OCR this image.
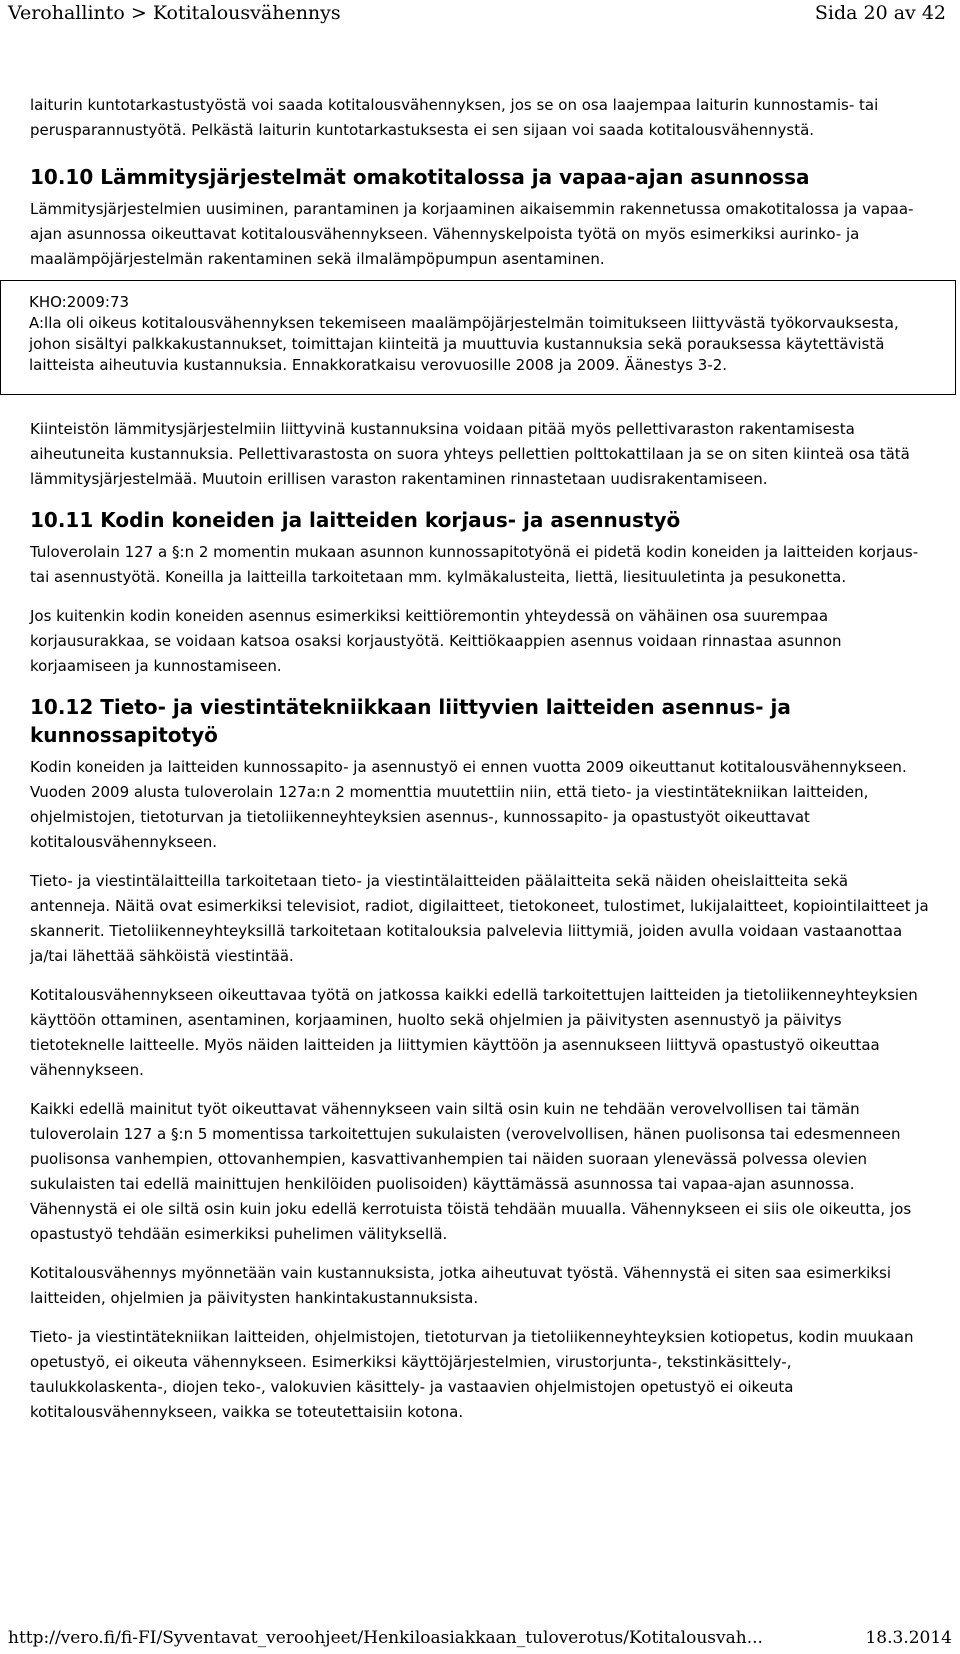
Verohallinto > Kotitalousvähennys	Sida 20 av 42

laiturin kuntotarkastustyöstä voi saada kotitalousvähennyksen, jos se on osa laajempaa laiturin kunnostamis- tai perusparannustyötä. Pelkästä laiturin kuntotarkastuksesta ei sen sijaan voi saada kotitalousvähennystä.

10.10 Lämmitysjärjestelmät omakotitalossa ja vapaa-ajan asunnossa

Lämmitysjärjestelmien uusiminen, parantaminen ja korjaaminen aikaisemmin rakennetussa omakotitalossa ja vapaa-ajan asunnossa oikeuttavat kotitalousvähennykseen. Vähennyskelpoista työtä on myös esimerkiksi aurinko- ja maalämpöjärjestelmän rakentaminen sekä ilmalämpöpumpun asentaminen.

KHO:2009:73
A:lla oli oikeus kotitalousvähennyksen tekemiseen maalämpöjärjestelmän toimitukseen liittyvästä työkorvauksesta, johon sisältyi palkkakustannukset, toimittajan kiinteitä ja muuttuvia kustannuksia sekä porauksessa käytettävistä laitteista aiheutuvia kustannuksia. Ennakkoratkaisu verovuosille 2008 ja 2009. Äänestys 3-2.

Kiinteistön lämmitysjärjestelmiin liittyvinä kustannuksina voidaan pitää myös pellettivaraston rakentamisesta aiheutuneita kustannuksia. Pellettivarastosta on suora yhteys pellettien polttokattilaan ja se on siten kiinteä osa tätä lämmitysjärjestelmää. Muutoin erillisen varaston rakentaminen rinnastetaan uudisrakentamiseen.

10.11 Kodin koneiden ja laitteiden korjaus- ja asennustyö

Tuloverolain 127 a §:n 2 momentin mukaan asunnon kunnossapitotyönä ei pidetä kodin koneiden ja laitteiden korjaus- tai asennustyötä. Koneilla ja laitteilla tarkoitetaan mm. kylmäkalusteita, liettä, liesituuletinta ja pesukonetta.

Jos kuitenkin kodin koneiden asennus esimerkiksi keittiöremontin yhteydessä on vähäinen osa suurempaa korjausurakkaa, se voidaan katsoa osaksi korjaustyötä. Keittiökaappien asennus voidaan rinnastaa asunnon korjaamiseen ja kunnostamiseen.

10.12 Tieto- ja viestintätekniikkaan liittyvien laitteiden asennus- ja kunnossapitotyö

Kodin koneiden ja laitteiden kunnossapito- ja asennustyö ei ennen vuotta 2009 oikeuttanut kotitalousvähennykseen. Vuoden 2009 alusta tuloverolain 127a:n 2 momenttia muutettiin niin, että tieto- ja viestintätekniikan laitteiden, ohjelmistojen, tietoturvan ja tietoliikenneyhteyksien asennus-, kunnossapito- ja opastustyöt oikeuttavat kotitalousvähennykseen.

Tieto- ja viestintälaitteilla tarkoitetaan tieto- ja viestintälaitteiden päälaitteita sekä näiden oheislaitteita sekä antenneja. Näitä ovat esimerkiksi televisiot, radiot, digilaitteet, tietokoneet, tulostimet, lukijalaitteet, kopiointilaitteet ja skannerit. Tietoliikenneyhteyksillä tarkoitetaan kotitalouksia palvelevia liittymiä, joiden avulla voidaan vastaanottaa ja/tai lähettää sähköistä viestintää.

Kotitalousvähennykseen oikeuttavaa työtä on jatkossa kaikki edellä tarkoitettujen laitteiden ja tietoliikenneyhteyksien käyttöön ottaminen, asentaminen, korjaaminen, huolto sekä ohjelmien ja päivitysten asennustyö ja päivitys tietoteknelle laitteelle. Myös näiden laitteiden ja liittymien käyttöön ja asennukseen liittyvä opastustyö oikeuttaa vähennykseen.

Kaikki edellä mainitut työt oikeuttavat vähennykseen vain siltä osin kuin ne tehdään verovelvollisen tai tämän tuloverolain 127 a §:n 5 momentissa tarkoitettujen sukulaisten (verovelvollisen, hänen puolisonsa tai edesmenneen puolisonsa vanhempien, ottovanhempien, kasvattivanhempien tai näiden suoraan ylenevässä polvessa olevien sukulaisten tai edellä mainittujen henkilöiden puolisoiden) käyttämässä asunnossa tai vapaa-ajan asunnossa. Vähennystä ei ole siltä osin kuin joku edellä kerrotuista töistä tehdään muualla. Vähennykseen ei siis ole oikeutta, jos opastustyö tehdään esimerkiksi puhelimen välityksellä.

Kotitalousvähennys myönnetään vain kustannuksista, jotka aiheutuvat työstä. Vähennystä ei siten saa esimerkiksi laitteiden, ohjelmien ja päivitysten hankintakustannuksista.

Tieto- ja viestintätekniikan laitteiden, ohjelmistojen, tietoturvan ja tietoliikenneyhteyksien kotiopetus, kodin muukaan opetustyö, ei oikeuta vähennykseen. Esimerkiksi käyttöjärjestelmien, virustorjunta-, tekstinkäsittely-, taulukkolaskenta-, diojen teko-, valokuvien käsittely- ja vastaavien ohjelmistojen opetustyö ei oikeuta kotitalousvähennykseen, vaikka se toteutettaisiin kotona.

http://vero.fi/fi-FI/Syventavat_veroohjeet/Henkiloasiakkaan_tuloverotus/Kotitalousvah...	18.3.2014
